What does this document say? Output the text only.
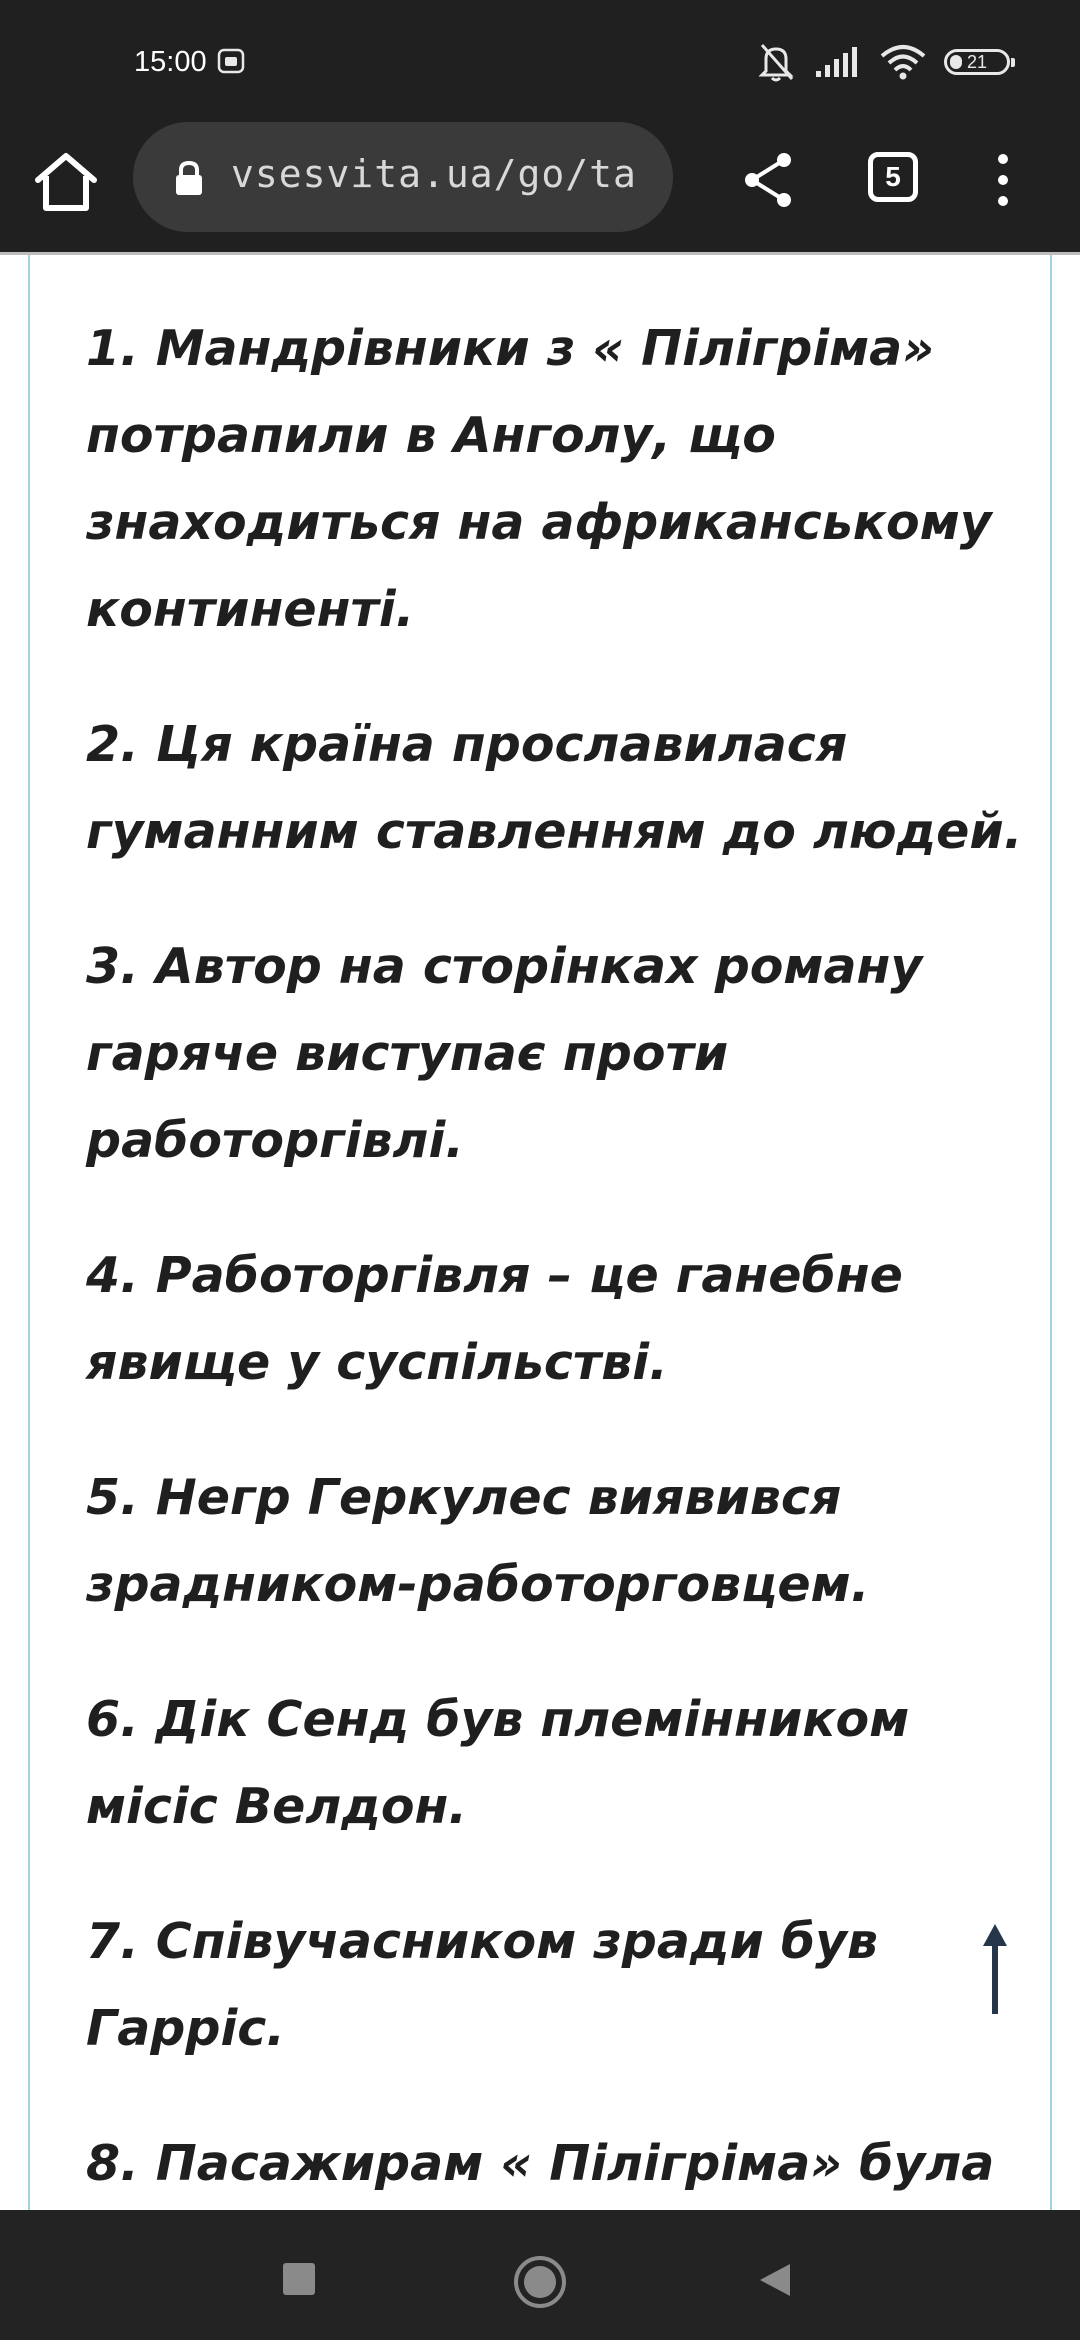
15:00	21
vsesvita.ua/go/ta	5
1. Мандрівники з « Пілігріма» потрапили в Анголу, що знаходиться на африканському континенті.
2. Ця країна прославилася гуманним ставленням до людей.
3. Автор на сторінках роману гаряче виступає проти работоргівлі.
4. Работоргівля – це ганебне явище у суспільстві.
5. Негр Геркулес виявився зрадником-работорговцем.
6. Дік Сенд був племінником місіс Велдон.
7. Співучасником зради був Гарріс.
8. Пасажирам « Пілігріма» була
